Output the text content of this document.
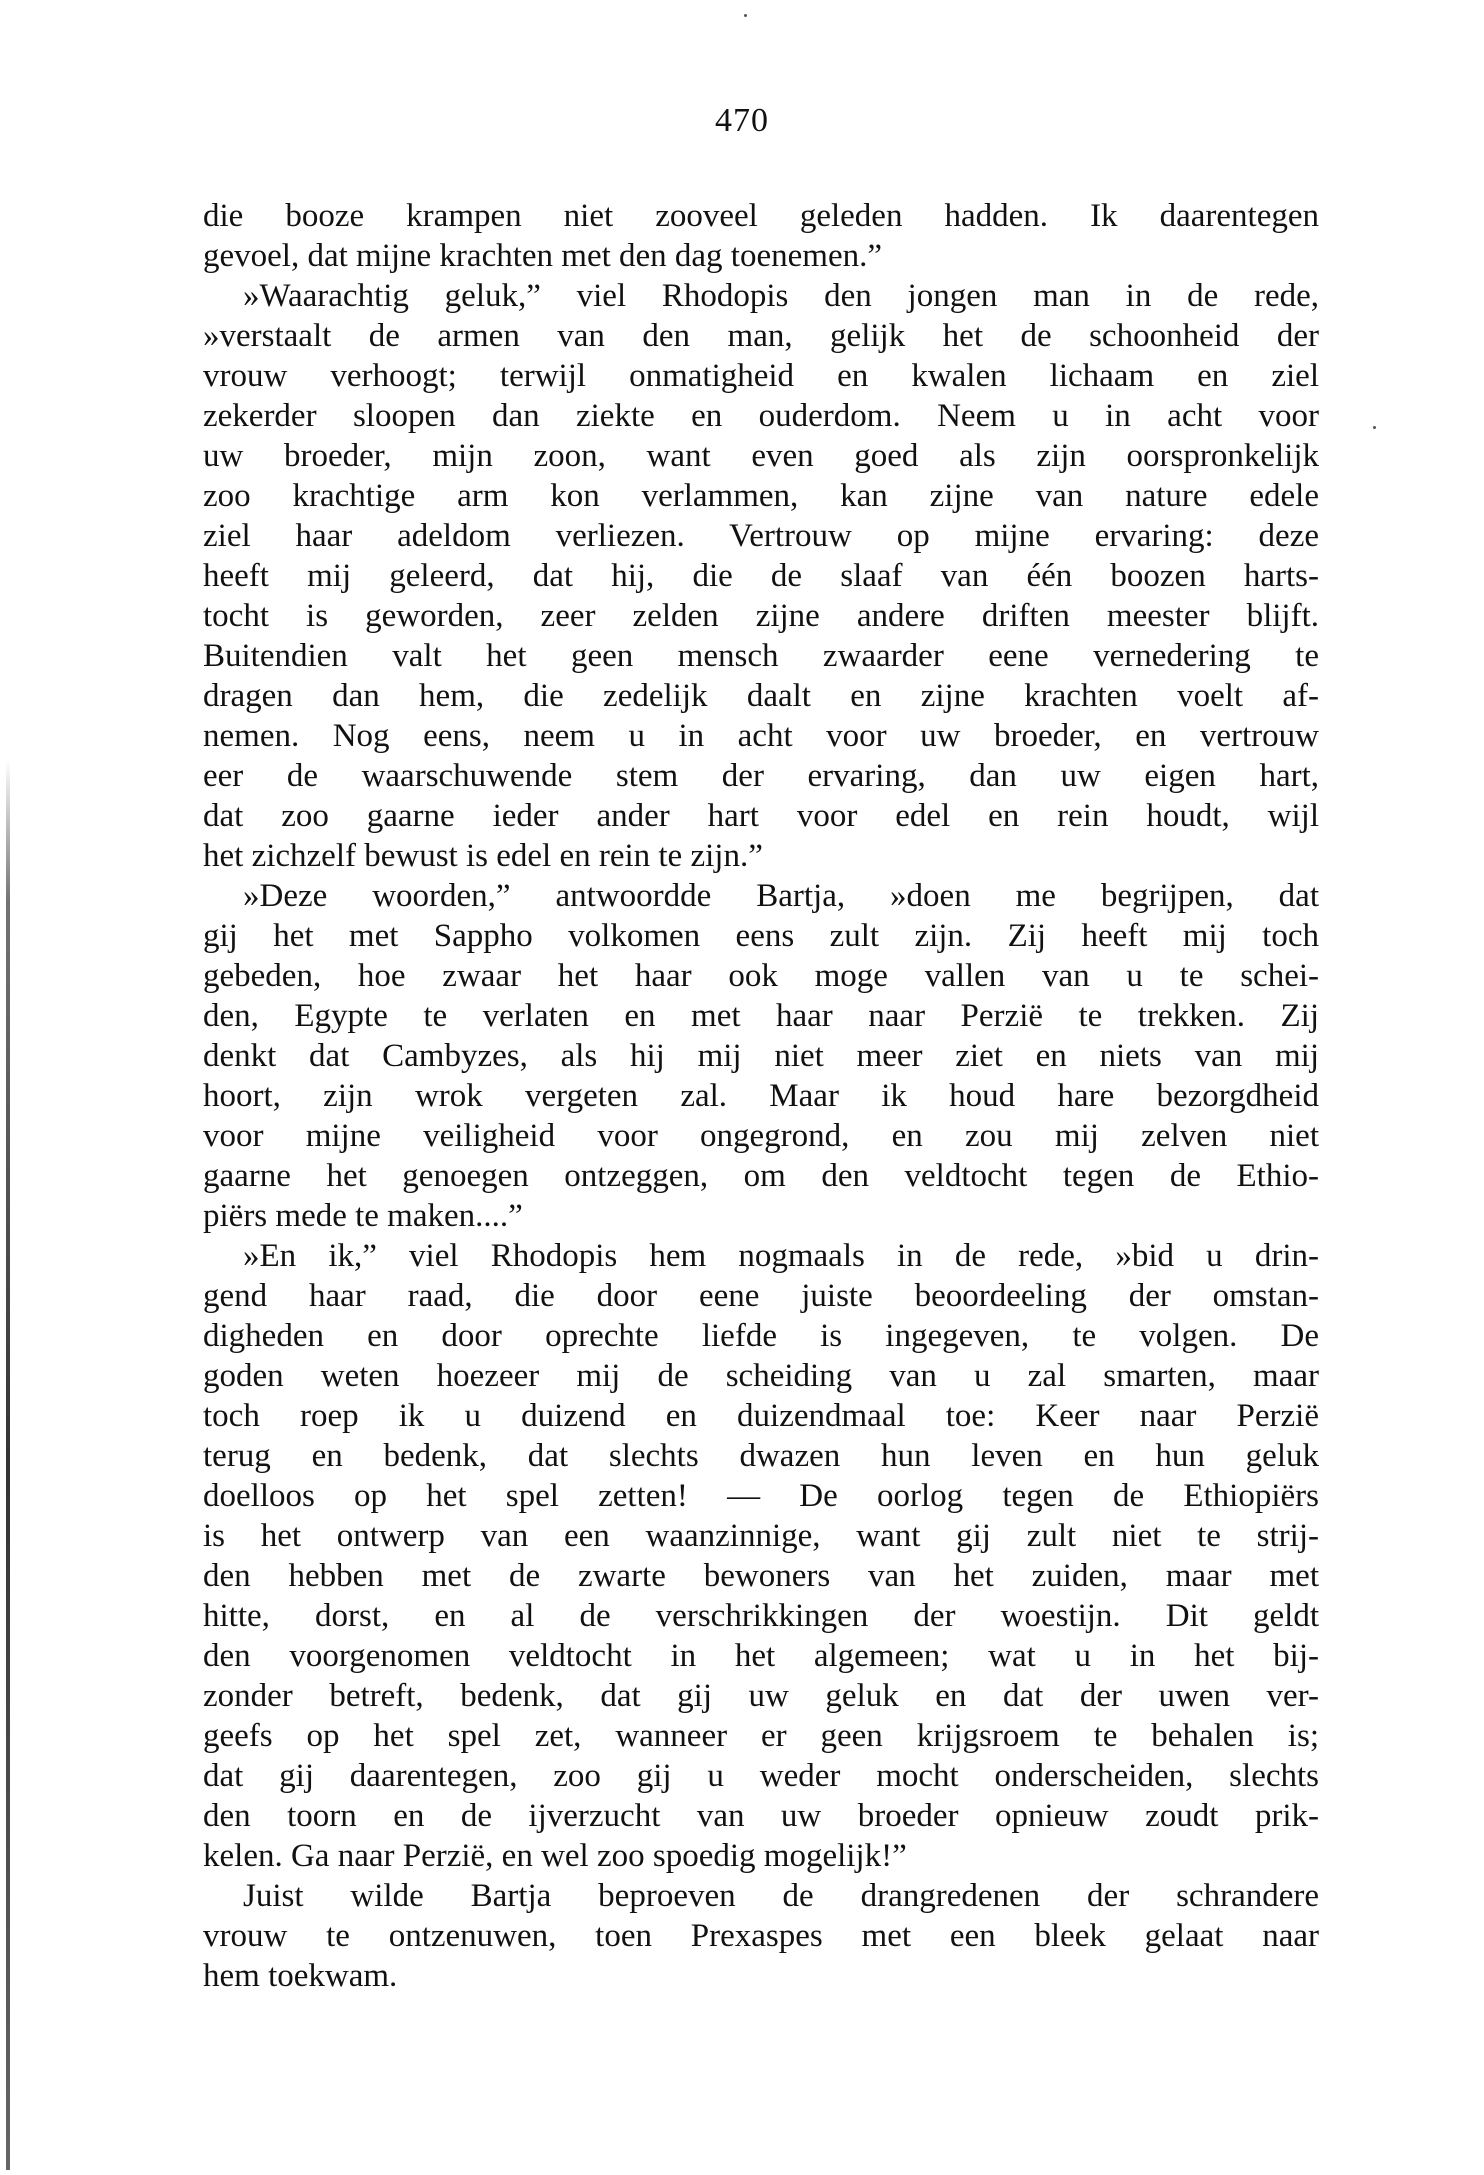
470
die booze krampen niet zooveel geleden hadden. Ik daarentegen
gevoel, dat mijne krachten met den dag toenemen.”
»Waarachtig geluk,” viel Rhodopis den jongen man in de rede,
»verstaalt de armen van den man, gelijk het de schoonheid der
vrouw verhoogt; terwijl onmatigheid en kwalen lichaam en ziel
zekerder sloopen dan ziekte en ouderdom. Neem u in acht voor
uw broeder, mijn zoon, want even goed als zijn oorspronkelijk
zoo krachtige arm kon verlammen, kan zijne van nature edele
ziel haar adeldom verliezen. Vertrouw op mijne ervaring: deze
heeft mij geleerd, dat hij, die de slaaf van één boozen harts-
tocht is geworden, zeer zelden zijne andere driften meester blijft.
Buitendien valt het geen mensch zwaarder eene vernedering te
dragen dan hem, die zedelijk daalt en zijne krachten voelt af-
nemen. Nog eens, neem u in acht voor uw broeder, en vertrouw
eer de waarschuwende stem der ervaring, dan uw eigen hart,
dat zoo gaarne ieder ander hart voor edel en rein houdt, wijl
het zichzelf bewust is edel en rein te zijn.”
»Deze woorden,” antwoordde Bartja, »doen me begrijpen, dat
gij het met Sappho volkomen eens zult zijn. Zij heeft mij toch
gebeden, hoe zwaar het haar ook moge vallen van u te schei-
den, Egypte te verlaten en met haar naar Perzië te trekken. Zij
denkt dat Cambyzes, als hij mij niet meer ziet en niets van mij
hoort, zijn wrok vergeten zal. Maar ik houd hare bezorgdheid
voor mijne veiligheid voor ongegrond, en zou mij zelven niet
gaarne het genoegen ontzeggen, om den veldtocht tegen de Ethio-
piërs mede te maken....”
»En ik,” viel Rhodopis hem nogmaals in de rede, »bid u drin-
gend haar raad, die door eene juiste beoordeeling der omstan-
digheden en door oprechte liefde is ingegeven, te volgen. De
goden weten hoezeer mij de scheiding van u zal smarten, maar
toch roep ik u duizend en duizendmaal toe: Keer naar Perzië
terug en bedenk, dat slechts dwazen hun leven en hun geluk
doelloos op het spel zetten! — De oorlog tegen de Ethiopiërs
is het ontwerp van een waanzinnige, want gij zult niet te strij-
den hebben met de zwarte bewoners van het zuiden, maar met
hitte, dorst, en al de verschrikkingen der woestijn. Dit geldt
den voorgenomen veldtocht in het algemeen; wat u in het bij-
zonder betreft, bedenk, dat gij uw geluk en dat der uwen ver-
geefs op het spel zet, wanneer er geen krijgsroem te behalen is;
dat gij daarentegen, zoo gij u weder mocht onderscheiden, slechts
den toorn en de ijverzucht van uw broeder opnieuw zoudt prik-
kelen. Ga naar Perzië, en wel zoo spoedig mogelijk!”
Juist wilde Bartja beproeven de drangredenen der schrandere
vrouw te ontzenuwen, toen Prexaspes met een bleek gelaat naar
hem toekwam.
